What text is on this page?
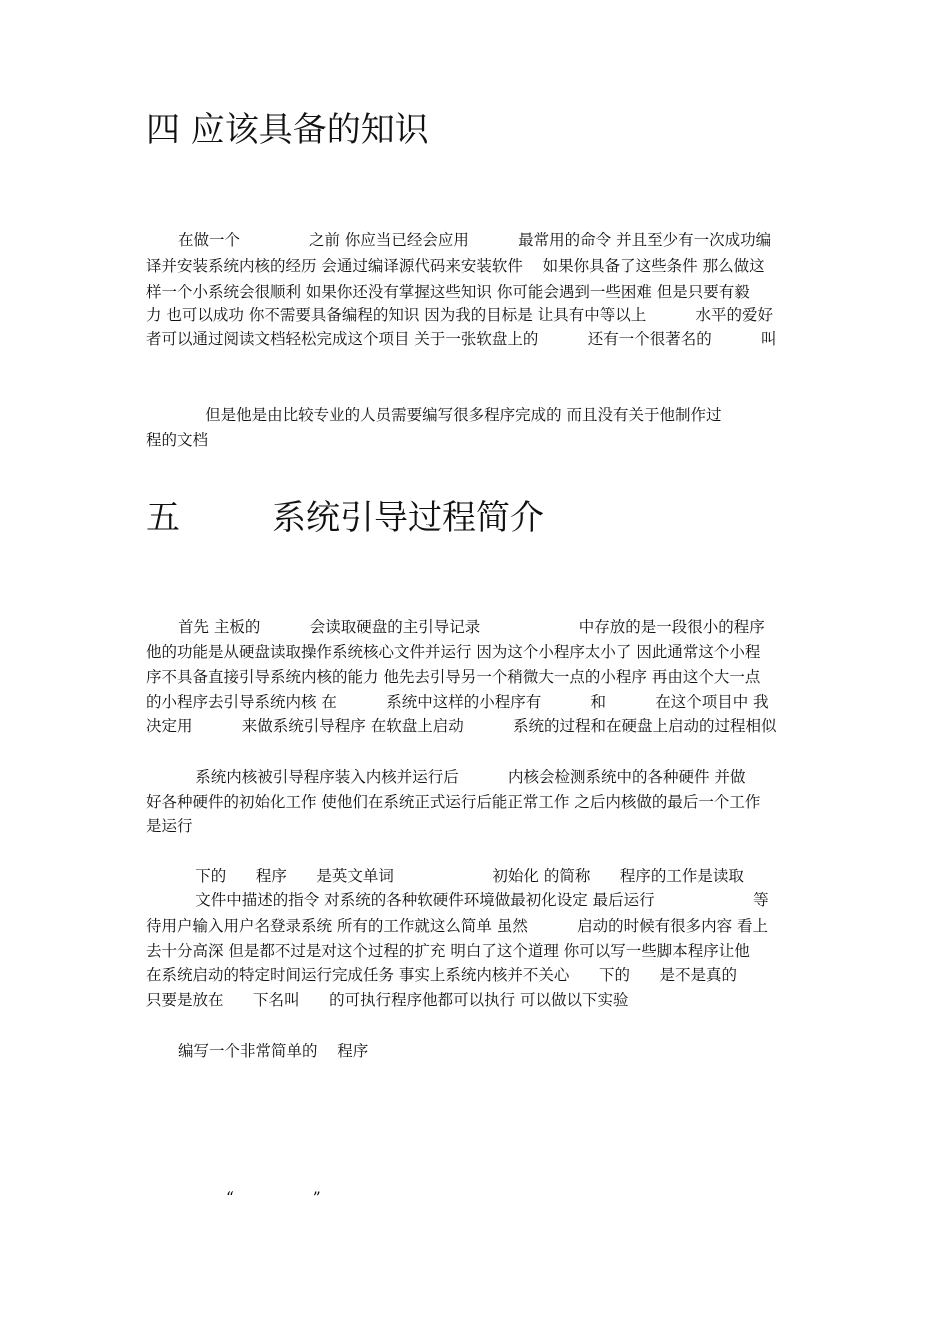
四 应该具备的知识
在做一个              之前 你应当已经会应用          最常用的命令 并且至少有一次成功编
译并安装系统内核的经历 会通过编译源代码来安装软件    如果你具备了这些条件 那么做这
样一个小系统会很顺利 如果你还没有掌握这些知识 你可能会遇到一些困难 但是只要有毅
力 也可以成功 你不需要具备编程的知识 因为我的目标是 让具有中等以上          水平的爱好
者可以通过阅读文档轻松完成这个项目 关于一张软盘上的          还有一个很著名的          叫
但是他是由比较专业的人员需要编写很多程序完成的 而且没有关于他制作过
程的文档
五	系统引导过程简介
首先 主板的          会读取硬盘的主引导记录                    中存放的是一段很小的程序
他的功能是从硬盘读取操作系统核心文件并运行 因为这个小程序太小了 因此通常这个小程
序不具备直接引导系统内核的能力 他先去引导另一个稍微大一点的小程序 再由这个大一点
的小程序去引导系统内核 在          系统中这样的小程序有          和          在这个项目中 我
决定用          来做系统引导程序 在软盘上启动          系统的过程和在硬盘上启动的过程相似
系统内核被引导程序装入内核并运行后          内核会检测系统中的各种硬件 并做
好各种硬件的初始化工作 使他们在系统正式运行后能正常工作 之后内核做的最后一个工作
是运行
下的      程序      是英文单词                    初始化 的简称      程序的工作是读取
文件中描述的指令 对系统的各种软硬件环境做最初化设定 最后运行                    等
待用户输入用户名登录系统 所有的工作就这么简单 虽然          启动的时候有很多内容 看上
去十分高深 但是都不过是对这个过程的扩充 明白了这个道理 你可以写一些脚本程序让他
在系统启动的特定时间运行完成任务 事实上系统内核并不关心      下的      是不是真的
只要是放在      下名叫      的可执行程序他都可以执行 可以做以下实验
编写一个非常简单的    程序
“                ”
